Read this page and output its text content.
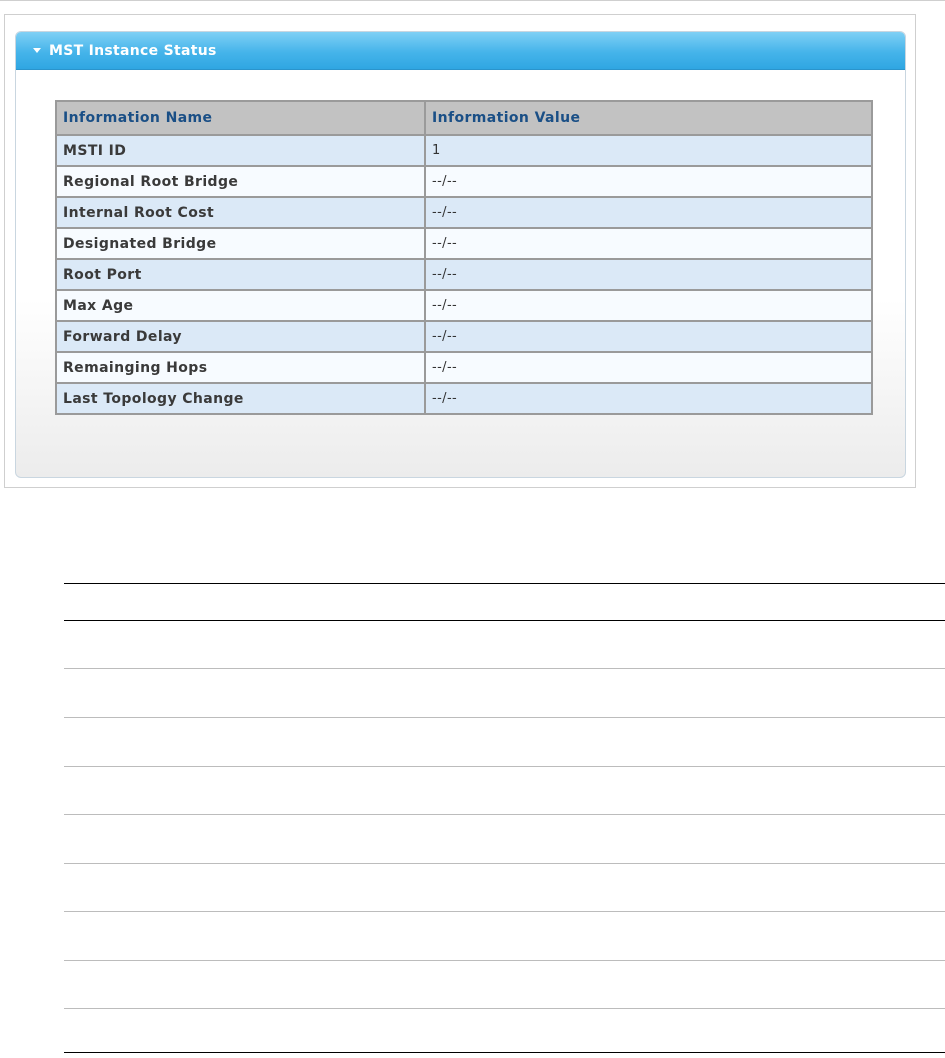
MST Instance Status
Information Name	Information Value
MSTI ID	1
Regional Root Bridge	--/--
Internal Root Cost	--/--
Designated Bridge	--/--
Root Port	--/--
Max Age	--/--
Forward Delay	--/--
Remainging Hops	--/--
Last Topology Change	--/--
